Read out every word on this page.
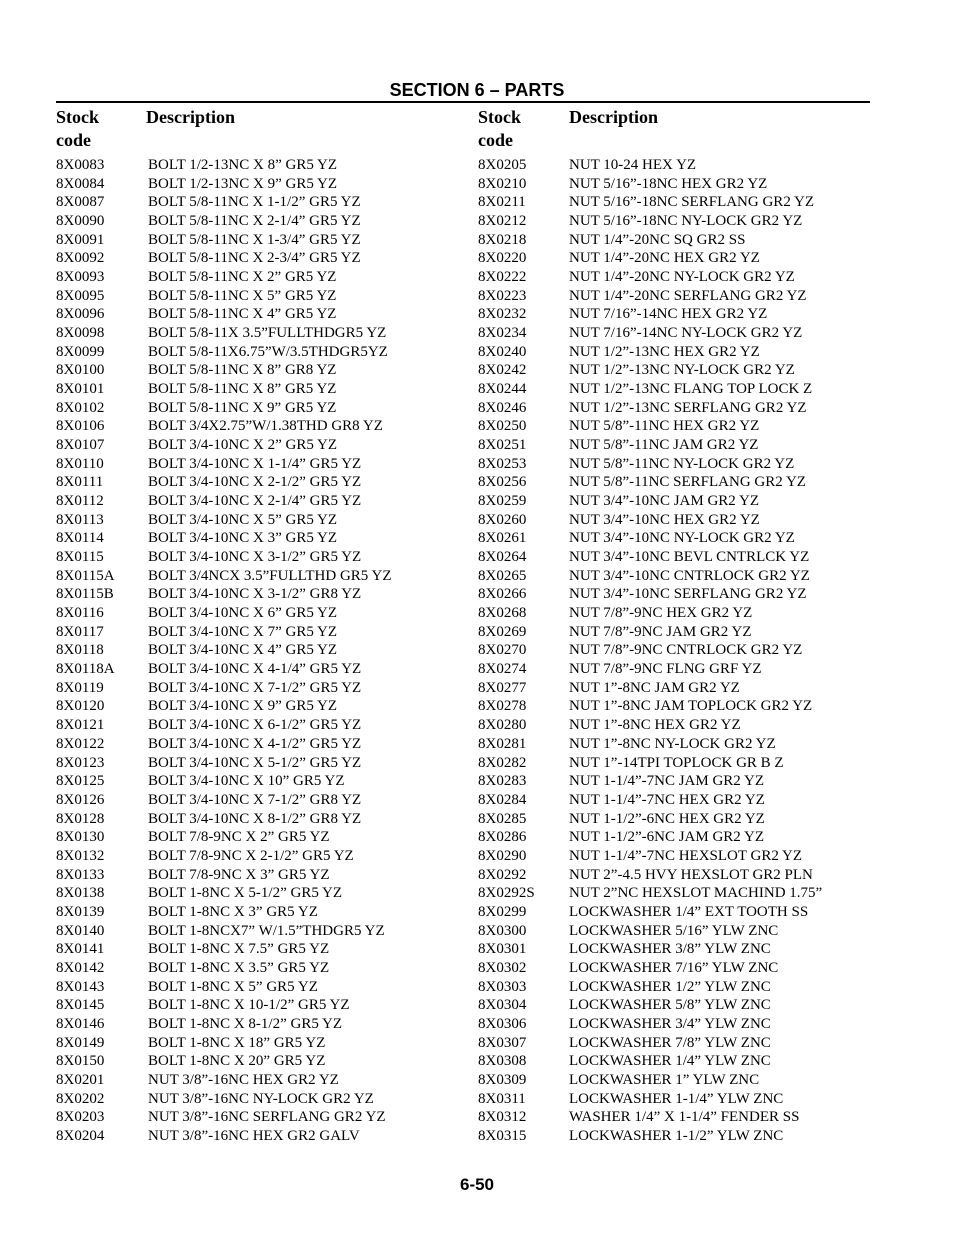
SECTION 6 – PARTS
Stock
code
Description
8X0083	BOLT 1/2-13NC X 8” GR5 YZ
8X0084	BOLT 1/2-13NC X 9” GR5 YZ
8X0087	BOLT 5/8-11NC X 1-1/2” GR5 YZ
8X0090	BOLT 5/8-11NC X 2-1/4” GR5 YZ
8X0091	BOLT 5/8-11NC X 1-3/4” GR5 YZ
8X0092	BOLT 5/8-11NC X 2-3/4” GR5 YZ
8X0093	BOLT 5/8-11NC X 2” GR5 YZ
8X0095	BOLT 5/8-11NC X 5” GR5 YZ
8X0096	BOLT 5/8-11NC X 4” GR5 YZ
8X0098	BOLT 5/8-11X 3.5”FULLTHDGR5 YZ
8X0099	BOLT 5/8-11X6.75”W/3.5THDGR5YZ
8X0100	BOLT 5/8-11NC X 8” GR8 YZ
8X0101	BOLT 5/8-11NC X 8” GR5 YZ
8X0102	BOLT 5/8-11NC X 9” GR5 YZ
8X0106	BOLT 3/4X2.75”W/1.38THD GR8 YZ
8X0107	BOLT 3/4-10NC X 2” GR5 YZ
8X0110	BOLT 3/4-10NC X 1-1/4” GR5 YZ
8X0111	BOLT 3/4-10NC X 2-1/2” GR5 YZ
8X0112	BOLT 3/4-10NC X 2-1/4” GR5 YZ
8X0113	BOLT 3/4-10NC X 5” GR5 YZ
8X0114	BOLT 3/4-10NC X 3” GR5 YZ
8X0115	BOLT 3/4-10NC X 3-1/2” GR5 YZ
8X0115A BOLT 3/4NCX 3.5”FULLTHD GR5 YZ
8X0115B BOLT 3/4-10NC X 3-1/2” GR8 YZ
8X0116	BOLT 3/4-10NC X 6” GR5 YZ
8X0117	BOLT 3/4-10NC X 7” GR5 YZ
8X0118	BOLT 3/4-10NC X 4” GR5 YZ
8X0118A BOLT 3/4-10NC X 4-1/4” GR5 YZ
8X0119	BOLT 3/4-10NC X 7-1/2” GR5 YZ
8X0120	BOLT 3/4-10NC X 9” GR5 YZ
8X0121	BOLT 3/4-10NC X 6-1/2” GR5 YZ
8X0122	BOLT 3/4-10NC X 4-1/2” GR5 YZ
8X0123	BOLT 3/4-10NC X 5-1/2” GR5 YZ
8X0125	BOLT 3/4-10NC X 10” GR5 YZ
8X0126	BOLT 3/4-10NC X 7-1/2” GR8 YZ
8X0128	BOLT 3/4-10NC X 8-1/2” GR8 YZ
8X0130	BOLT 7/8-9NC X 2” GR5 YZ
8X0132	BOLT 7/8-9NC X 2-1/2” GR5 YZ
8X0133	BOLT 7/8-9NC X 3” GR5 YZ
8X0138	BOLT 1-8NC X 5-1/2” GR5 YZ
8X0139	BOLT 1-8NC X 3” GR5 YZ
8X0140	BOLT 1-8NCX7” W/1.5”THDGR5 YZ
8X0141	BOLT 1-8NC X 7.5” GR5 YZ
8X0142	BOLT 1-8NC X 3.5” GR5 YZ
8X0143	BOLT 1-8NC X 5” GR5 YZ
8X0145	BOLT 1-8NC X 10-1/2” GR5 YZ
8X0146	BOLT 1-8NC X 8-1/2” GR5 YZ
8X0149	BOLT 1-8NC X 18” GR5 YZ
8X0150	BOLT 1-8NC X 20” GR5 YZ
8X0201	NUT 3/8”-16NC HEX GR2 YZ
8X0202	NUT 3/8”-16NC NY-LOCK GR2 YZ
8X0203	NUT 3/8”-16NC SERFLANG GR2 YZ
8X0204	NUT 3/8”-16NC HEX GR2 GALV
Stock
code
Description
8X0205	NUT 10-24 HEX YZ
8X0210	NUT 5/16”-18NC HEX GR2 YZ
8X0211	NUT 5/16”-18NC SERFLANG GR2 YZ
8X0212	NUT 5/16”-18NC NY-LOCK GR2 YZ
8X0218	NUT 1/4”-20NC SQ GR2 SS
8X0220	NUT 1/4”-20NC HEX GR2 YZ
8X0222	NUT 1/4”-20NC NY-LOCK GR2 YZ
8X0223	NUT 1/4”-20NC SERFLANG GR2 YZ
8X0232	NUT 7/16”-14NC HEX GR2 YZ
8X0234	NUT 7/16”-14NC NY-LOCK GR2 YZ
8X0240	NUT 1/2”-13NC HEX GR2 YZ
8X0242	NUT 1/2”-13NC NY-LOCK GR2 YZ
8X0244	NUT 1/2”-13NC FLANG TOP LOCK Z
8X0246	NUT 1/2”-13NC SERFLANG GR2 YZ
8X0250	NUT 5/8”-11NC HEX GR2 YZ
8X0251	NUT 5/8”-11NC JAM GR2 YZ
8X0253	NUT 5/8”-11NC NY-LOCK GR2 YZ
8X0256	NUT 5/8”-11NC SERFLANG GR2 YZ
8X0259	NUT 3/4”-10NC JAM GR2 YZ
8X0260	NUT 3/4”-10NC HEX GR2 YZ
8X0261	NUT 3/4”-10NC NY-LOCK GR2 YZ
8X0264	NUT 3/4”-10NC BEVL CNTRLCK YZ
8X0265	NUT 3/4”-10NC CNTRLOCK GR2 YZ
8X0266	NUT 3/4”-10NC SERFLANG GR2 YZ
8X0268	NUT 7/8”-9NC HEX GR2 YZ
8X0269	NUT 7/8”-9NC JAM GR2 YZ
8X0270	NUT 7/8”-9NC CNTRLOCK GR2 YZ
8X0274	NUT 7/8”-9NC FLNG GRF YZ
8X0277	NUT 1”-8NC JAM GR2 YZ
8X0278	NUT 1”-8NC JAM TOPLOCK GR2 YZ
8X0280	NUT 1”-8NC HEX GR2 YZ
8X0281	NUT 1”-8NC NY-LOCK GR2 YZ
8X0282	NUT 1”-14TPI TOPLOCK GR B Z
8X0283	NUT 1-1/4”-7NC JAM GR2 YZ
8X0284	NUT 1-1/4”-7NC HEX GR2 YZ
8X0285	NUT 1-1/2”-6NC HEX GR2 YZ
8X0286	NUT 1-1/2”-6NC JAM GR2 YZ
8X0290	NUT 1-1/4”-7NC HEXSLOT GR2 YZ
8X0292	NUT 2”-4.5 HVY HEXSLOT GR2 PLN
8X0292S NUT 2”NC HEXSLOT MACHIND 1.75”
8X0299	LOCKWASHER 1/4” EXT TOOTH SS
8X0300	LOCKWASHER 5/16” YLW ZNC
8X0301	LOCKWASHER 3/8” YLW ZNC
8X0302	LOCKWASHER 7/16” YLW ZNC
8X0303	LOCKWASHER 1/2” YLW ZNC
8X0304	LOCKWASHER 5/8” YLW ZNC
8X0306	LOCKWASHER 3/4” YLW ZNC
8X0307	LOCKWASHER 7/8” YLW ZNC
8X0308	LOCKWASHER 1/4” YLW ZNC
8X0309	LOCKWASHER 1” YLW ZNC
8X0311	LOCKWASHER 1-1/4” YLW ZNC
8X0312	WASHER 1/4” X 1-1/4” FENDER SS
8X0315	LOCKWASHER 1-1/2” YLW ZNC
6-50
